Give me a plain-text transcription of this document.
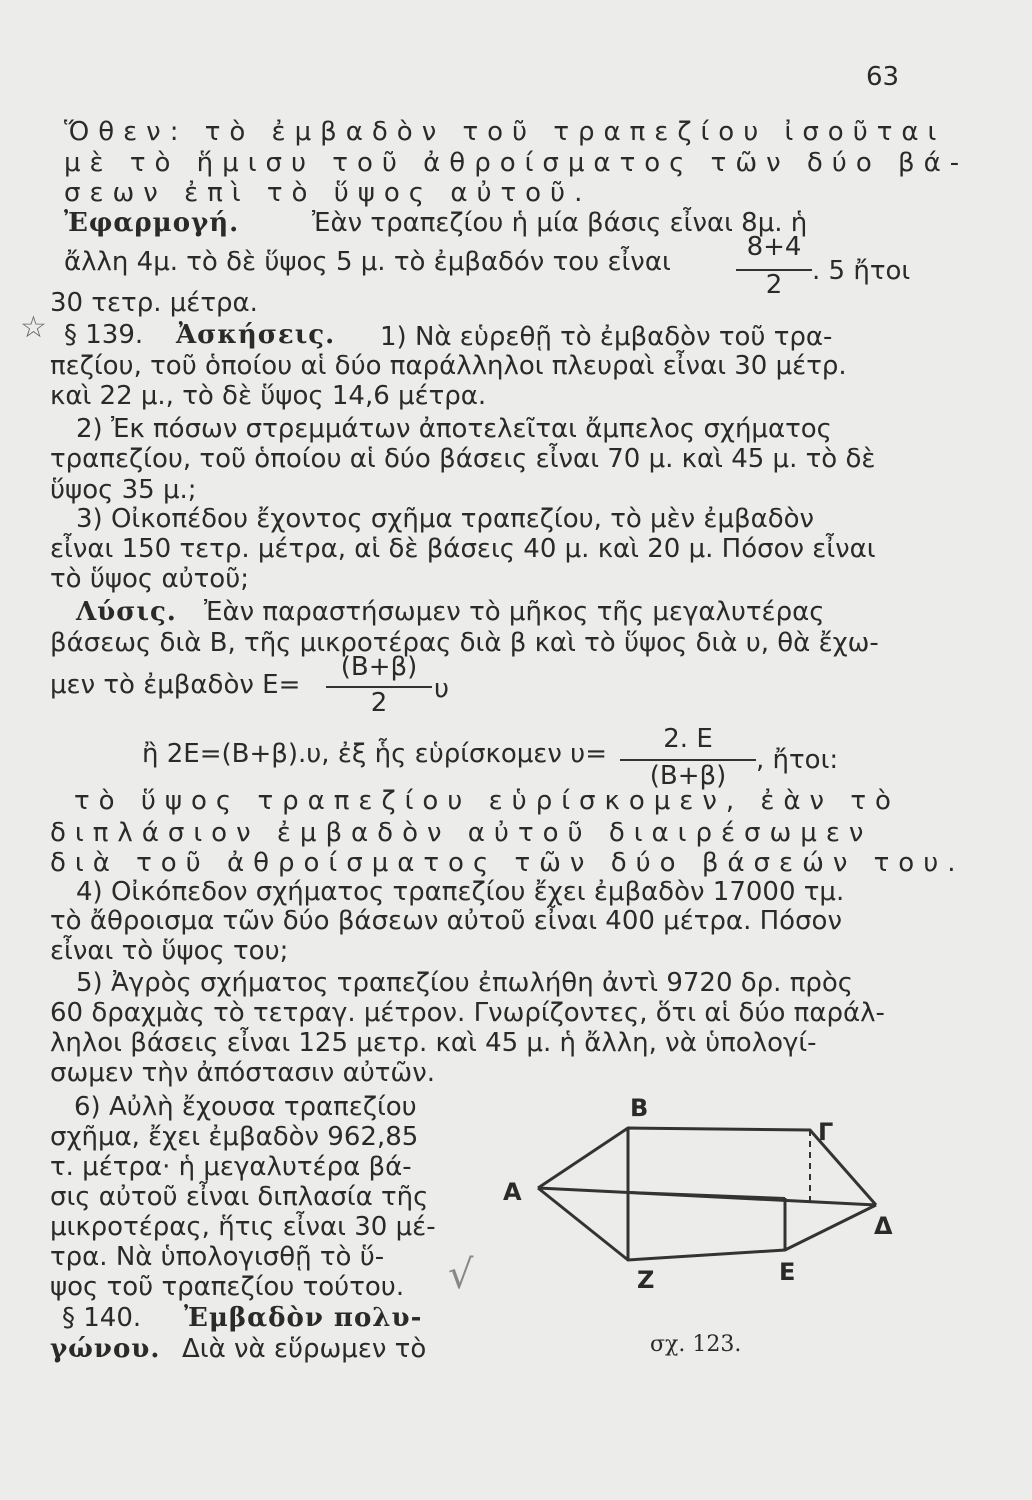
63
Ὅθεν: τὸ ἐμβαδὸν τοῦ τραπεζίου ἰσοῦται
μὲ τὸ ἥμισυ τοῦ ἀθροίσματος τῶν δύο βά-
σεων ἐπὶ τὸ ὕψος αὐτοῦ.
Ἐφαρμογή.	Ἐὰν τραπεζίου ἡ μία βάσις εἶναι 8μ. ἡ
ἄλλη 4μ. τὸ δὲ ὕψος 5 μ. τὸ ἐμβαδόν του εἶναι	8+4
2	. 5 ἤτοι
30 τετρ. μέτρα.
☆ § 139. Ἀσκήσεις. 1) Νὰ εὑρεθῇ τὸ ἐμβαδὸν τοῦ τρα-
πεζίου, τοῦ ὁποίου αἱ δύο παράλληλοι πλευραὶ εἶναι 30 μέτρ.
καὶ 22 μ., τὸ δὲ ὕψος 14,6 μέτρα.
2) Ἐκ πόσων στρεμμάτων ἀποτελεῖται ἄμπελος σχήματος
τραπεζίου, τοῦ ὁποίου αἱ δύο βάσεις εἶναι 70 μ. καὶ 45 μ. τὸ δὲ
ὕψος 35 μ.;
3) Οἰκοπέδου ἔχοντος σχῆμα τραπεζίου, τὸ μὲν ἐμβαδὸν
εἶναι 150 τετρ. μέτρα, αἱ δὲ βάσεις 40 μ. καὶ 20 μ. Πόσον εἶναι
τὸ ὕψος αὐτοῦ;
Λύσις. Ἐὰν παραστήσωμεν τὸ μῆκος τῆς μεγαλυτέρας
βάσεως διὰ Β, τῆς μικροτέρας διὰ β καὶ τὸ ὕψος διὰ υ, θὰ ἔχω-
μεν τὸ ἐμβαδὸν Ε=
(Β+β)
2	υ
ἢ 2Ε=(Β+β).υ, ἐξ ἧς εὑρίσκομεν υ=	2. Ε
(Β+β)
, ἤτοι:
τὸ ὕψος τραπεζίου εὑρίσκομεν, ἐὰν τὸ
διπλάσιον ἐμβαδὸν αὐτοῦ διαιρέσωμεν
διὰ τοῦ ἀθροίσματος τῶν δύο βάσεών του.
4) Οἰκόπεδον σχήματος τραπεζίου ἔχει ἐμβαδὸν 17000 τμ.
τὸ ἄθροισμα τῶν δύο βάσεων αὐτοῦ εἶναι 400 μέτρα. Πόσον
εἶναι τὸ ὕψος του;
5) Ἀγρὸς σχήματος τραπεζίου ἐπωλήθη ἀντὶ 9720 δρ. πρὸς
60 δραχμὰς τὸ τετραγ. μέτρον. Γνωρίζοντες, ὅτι αἱ δύο παράλ-
ληλοι βάσεις εἶναι 125 μετρ. καὶ 45 μ. ἡ ἄλλη, νὰ ὑπολογί-
σωμεν τὴν ἀπόστασιν αὐτῶν.
6) Αὐλὴ ἔχουσα τραπεζίου
σχῆμα, ἔχει ἐμβαδὸν 962,85
τ. μέτρα· ἡ μεγαλυτέρα βά-
σις αὐτοῦ εἶναι διπλασία τῆς
μικροτέρας, ἥτις εἶναι 30 μέ-
τρα. Νὰ ὑπολογισθῇ τὸ ὕ-
ψος τοῦ τραπεζίου τούτου. √
§ 140. Ἐμβαδὸν πολυ-
γώνου. Διὰ νὰ εὕρωμεν τὸ
Α
Β
Γ
Δ
Ε
Ζ
σχ. 123.
